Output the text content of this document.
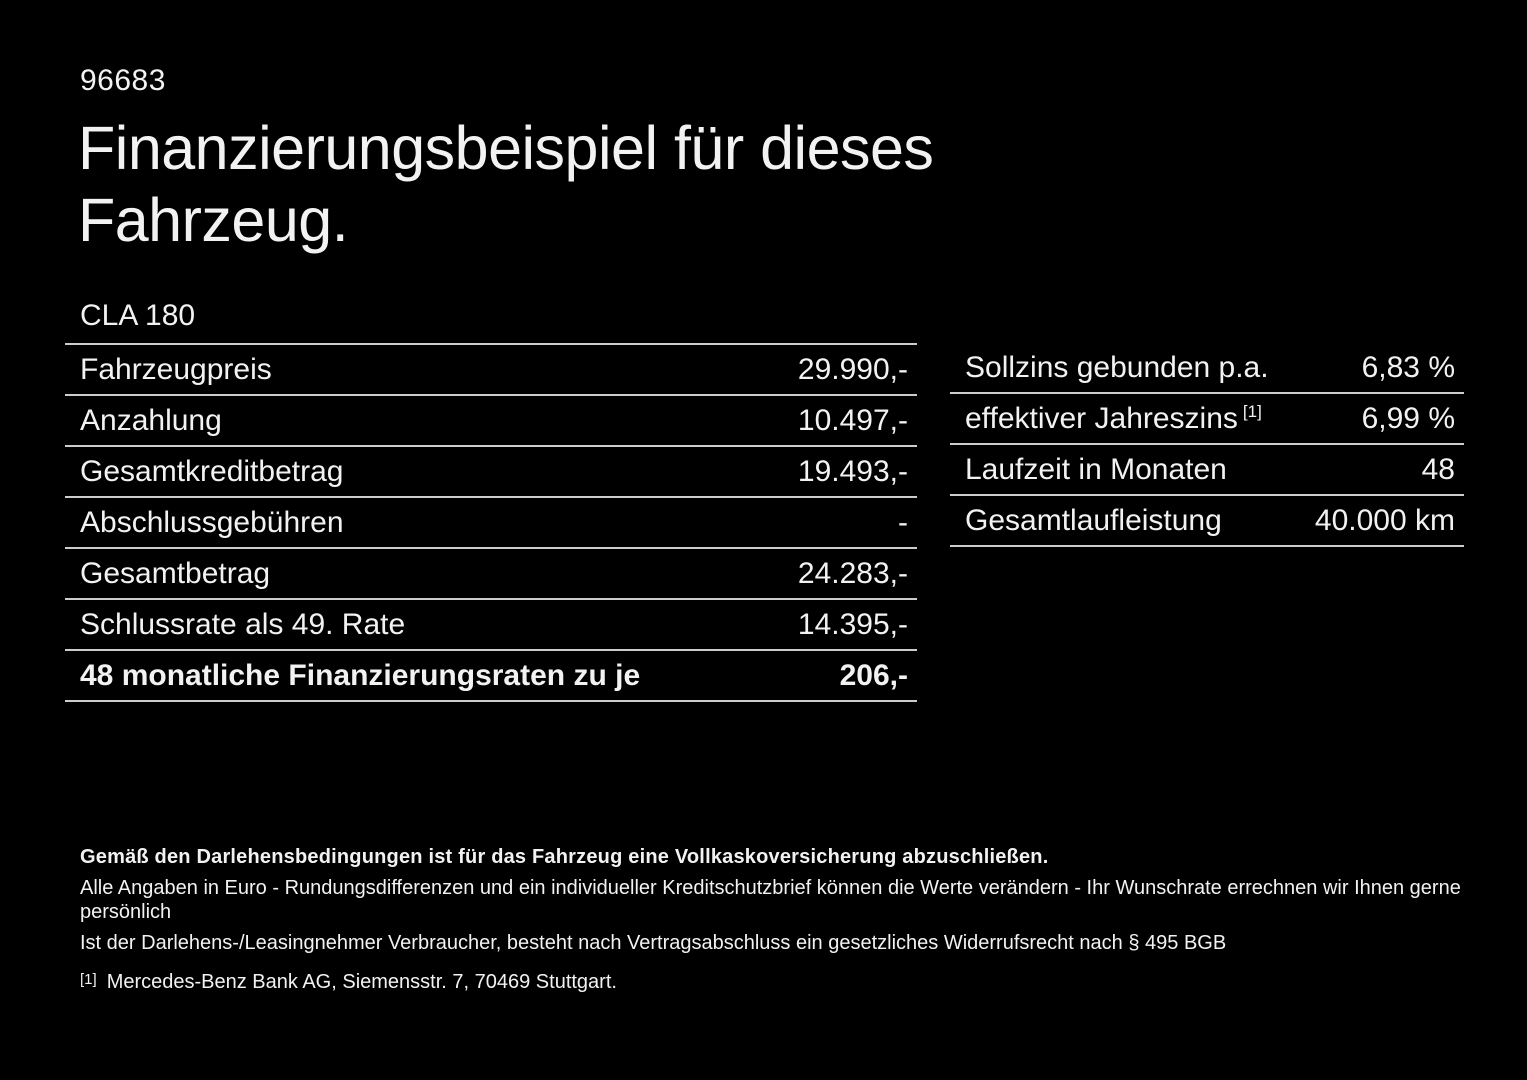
96683
Finanzierungsbeispiel für dieses
Fahrzeug.
CLA 180
Fahrzeugpreis	29.990,-
Anzahlung	10.497,-
Gesamtkreditbetrag	19.493,-
Abschlussgebühren	-
Gesamtbetrag	24.283,-
Schlussrate als 49. Rate	14.395,-
48 monatliche Finanzierungsraten zu je	206,-
Sollzins gebunden p.a.	6,83 %
effektiver Jahreszins [1]	6,99 %
Laufzeit in Monaten	48
Gesamtlaufleistung	40.000 km
Gemäß den Darlehensbedingungen ist für das Fahrzeug eine Vollkaskoversicherung abzuschließen.
Alle Angaben in Euro - Rundungsdifferenzen und ein individueller Kreditschutzbrief können die Werte verändern - Ihr Wunschrate errechnen wir Ihnen gerne persönlich
Ist der Darlehens-/Leasingnehmer Verbraucher, besteht nach Vertragsabschluss ein gesetzliches Widerrufsrecht nach § 495 BGB
[1] Mercedes-Benz Bank AG, Siemensstr. 7, 70469 Stuttgart.
